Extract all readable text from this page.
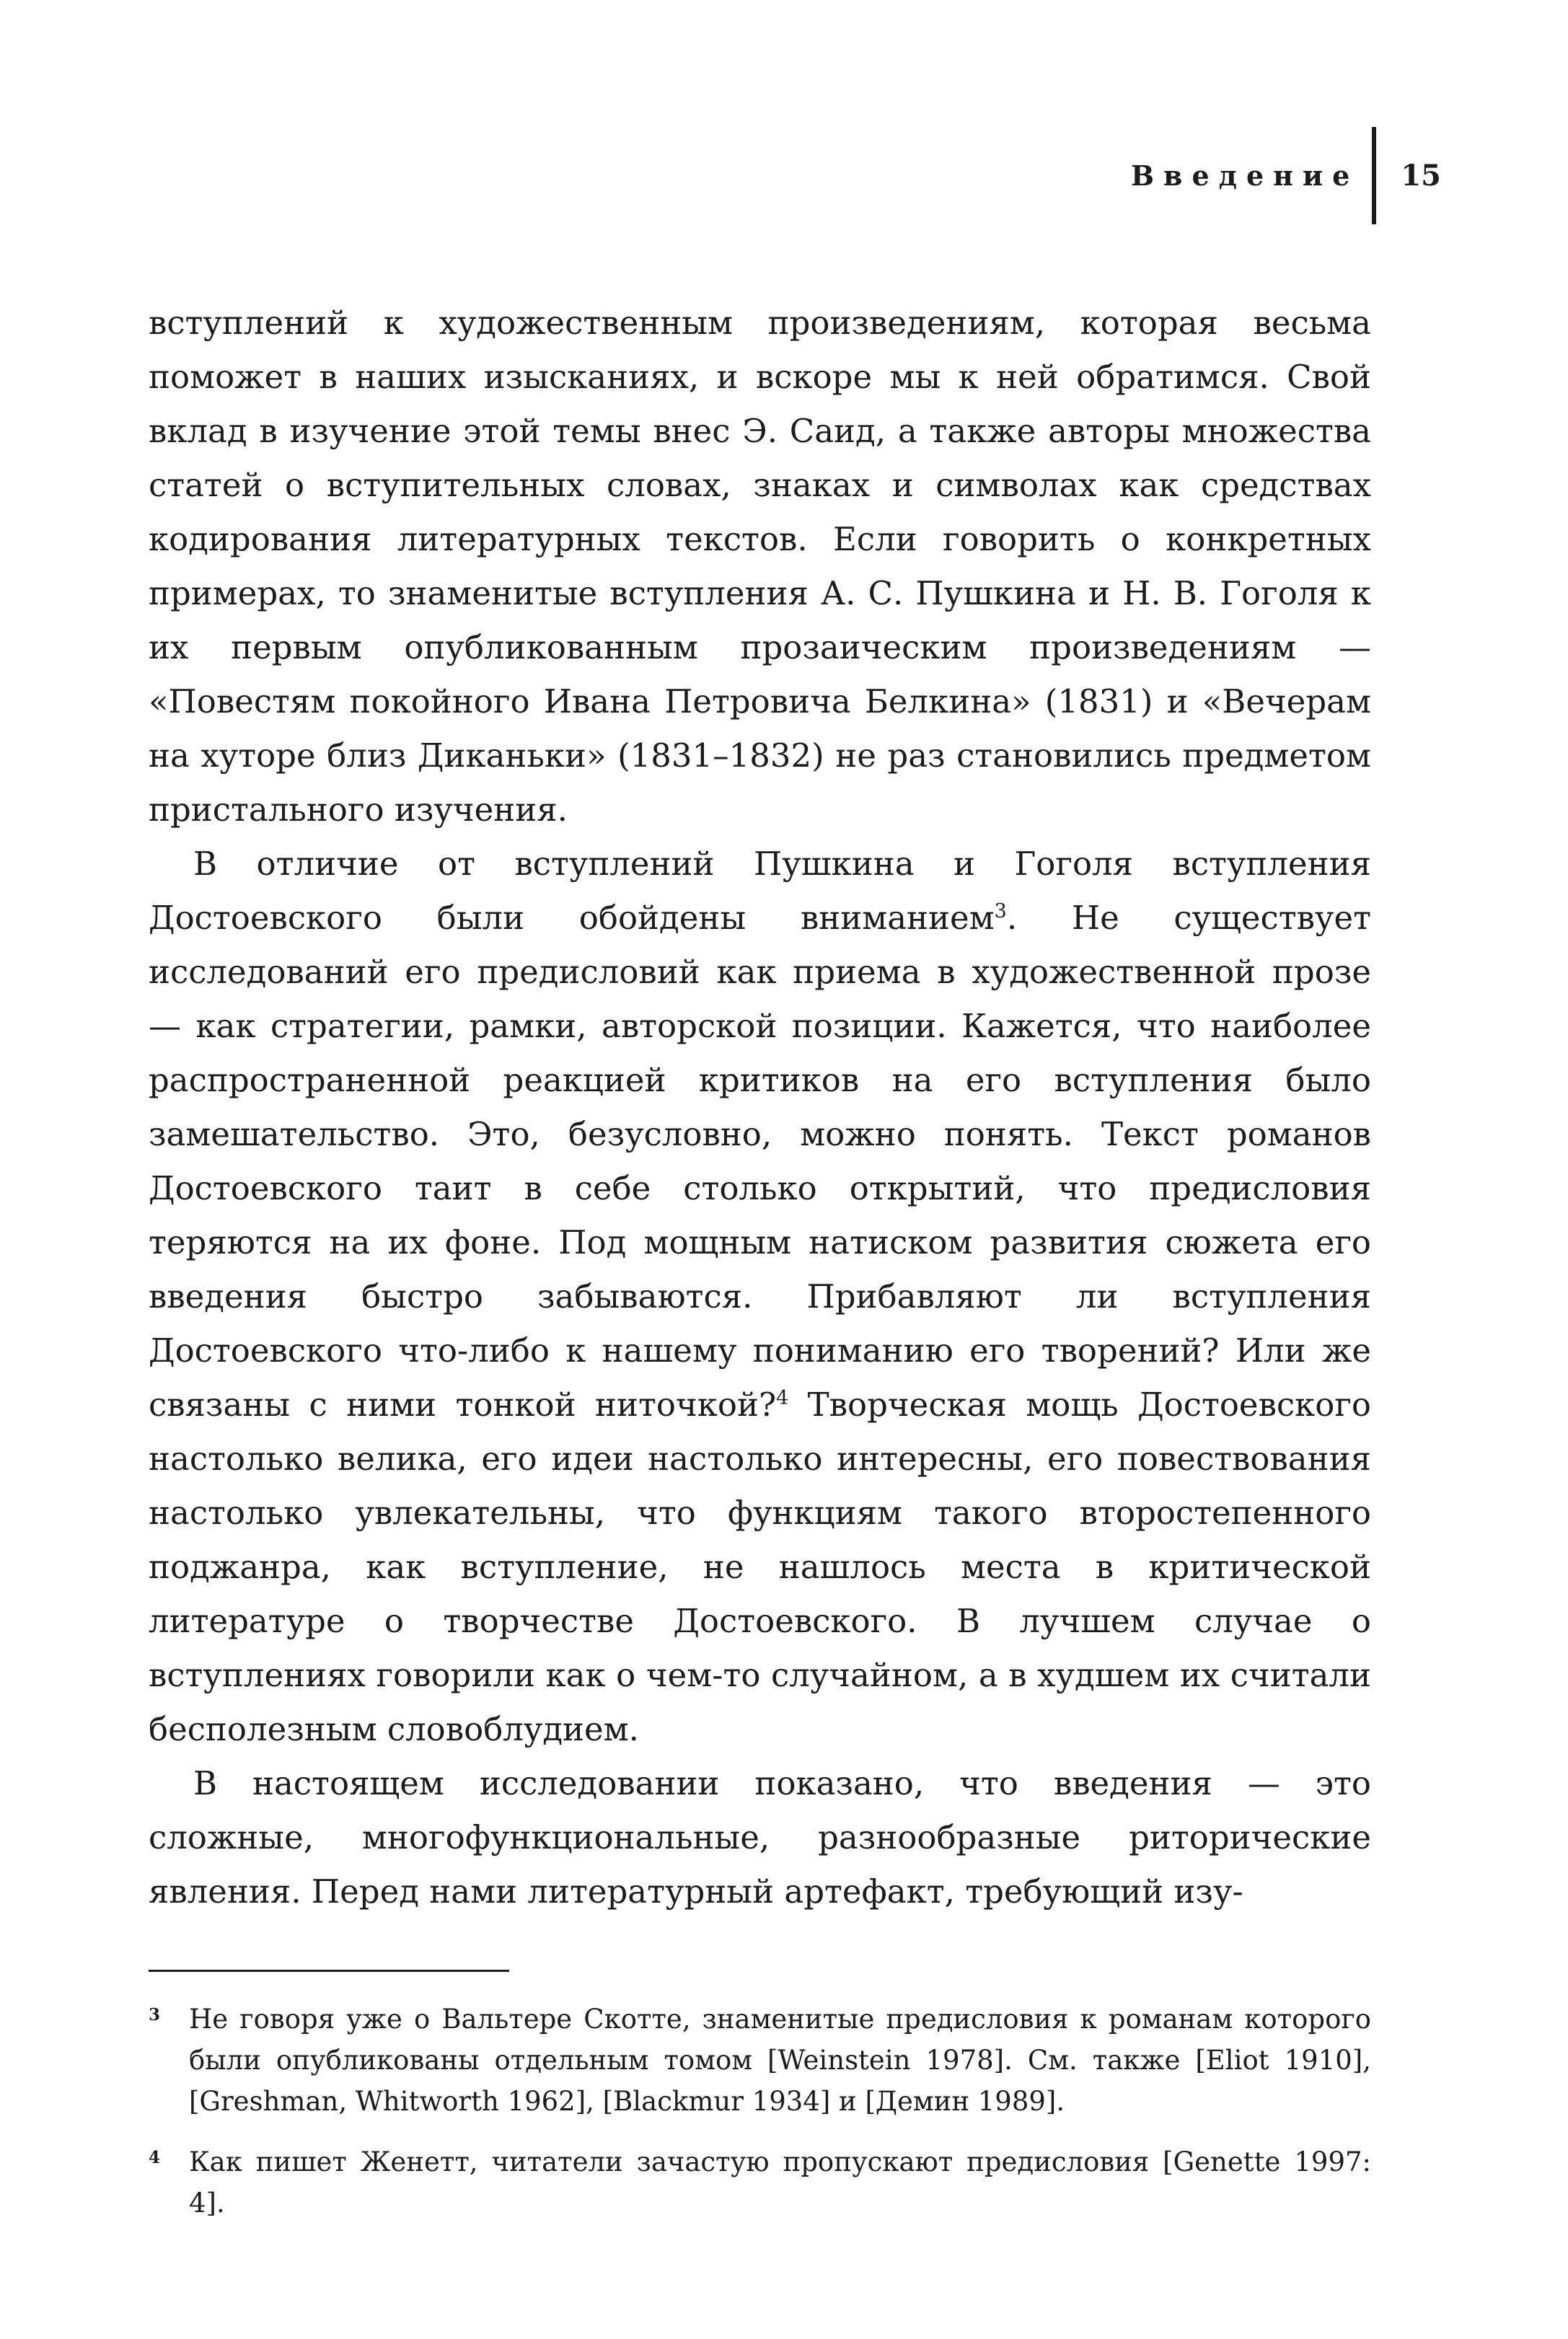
Введение 15

вступлений к художественным произведениям, которая весьма поможет в наших изысканиях, и вскоре мы к ней обратимся. Свой вклад в изучение этой темы внес Э. Саид, а также авторы множества статей о вступительных словах, знаках и символах как средствах кодирования литературных текстов. Если говорить о конкретных примерах, то знаменитые вступления А. С. Пушкина и Н. В. Гоголя к их первым опубликованным прозаическим произведениям — «Повестям покойного Ивана Петровича Белкина» (1831) и «Вечерам на хуторе близ Диканьки» (1831–1832) не раз становились предметом пристального изучения.

В отличие от вступлений Пушкина и Гоголя вступления Достоевского были обойдены вниманием$^3$. Не существует исследований его предисловий как приема в художественной прозе — как стратегии, рамки, авторской позиции. Кажется, что наиболее распространенной реакцией критиков на его вступления было замешательство. Это, безусловно, можно понять. Текст романов Достоевского таит в себе столько открытий, что предисловия теряются на их фоне. Под мощным натиском развития сюжета его введения быстро забываются. Прибавляют ли вступления Достоевского что-либо к нашему пониманию его творений? Или же связаны с ними тонкой ниточкой?$^4$ Творческая мощь Достоевского настолько велика, его идеи настолько интересны, его повествования настолько увлекательны, что функциям такого второстепенного поджанра, как вступление, не нашлось места в критической литературе о творчестве Достоевского. В лучшем случае о вступлениях говорили как о чем-то случайном, а в худшем их считали бесполезным словоблудием.

В настоящем исследовании показано, что введения — это сложные, многофункциональные, разнообразные риторические явления. Перед нами литературный артефакт, требующий изу-

3	Не говоря уже о Вальтере Скотте, знаменитые предисловия к романам которого были опубликованы отдельным томом [Weinstein 1978]. См. также [Eliot 1910], [Greshman, Whitworth 1962], [Blackmur 1934] и [Демин 1989].
4	Как пишет Женетт, читатели зачастую пропускают предисловия [Genette 1997: 4].
